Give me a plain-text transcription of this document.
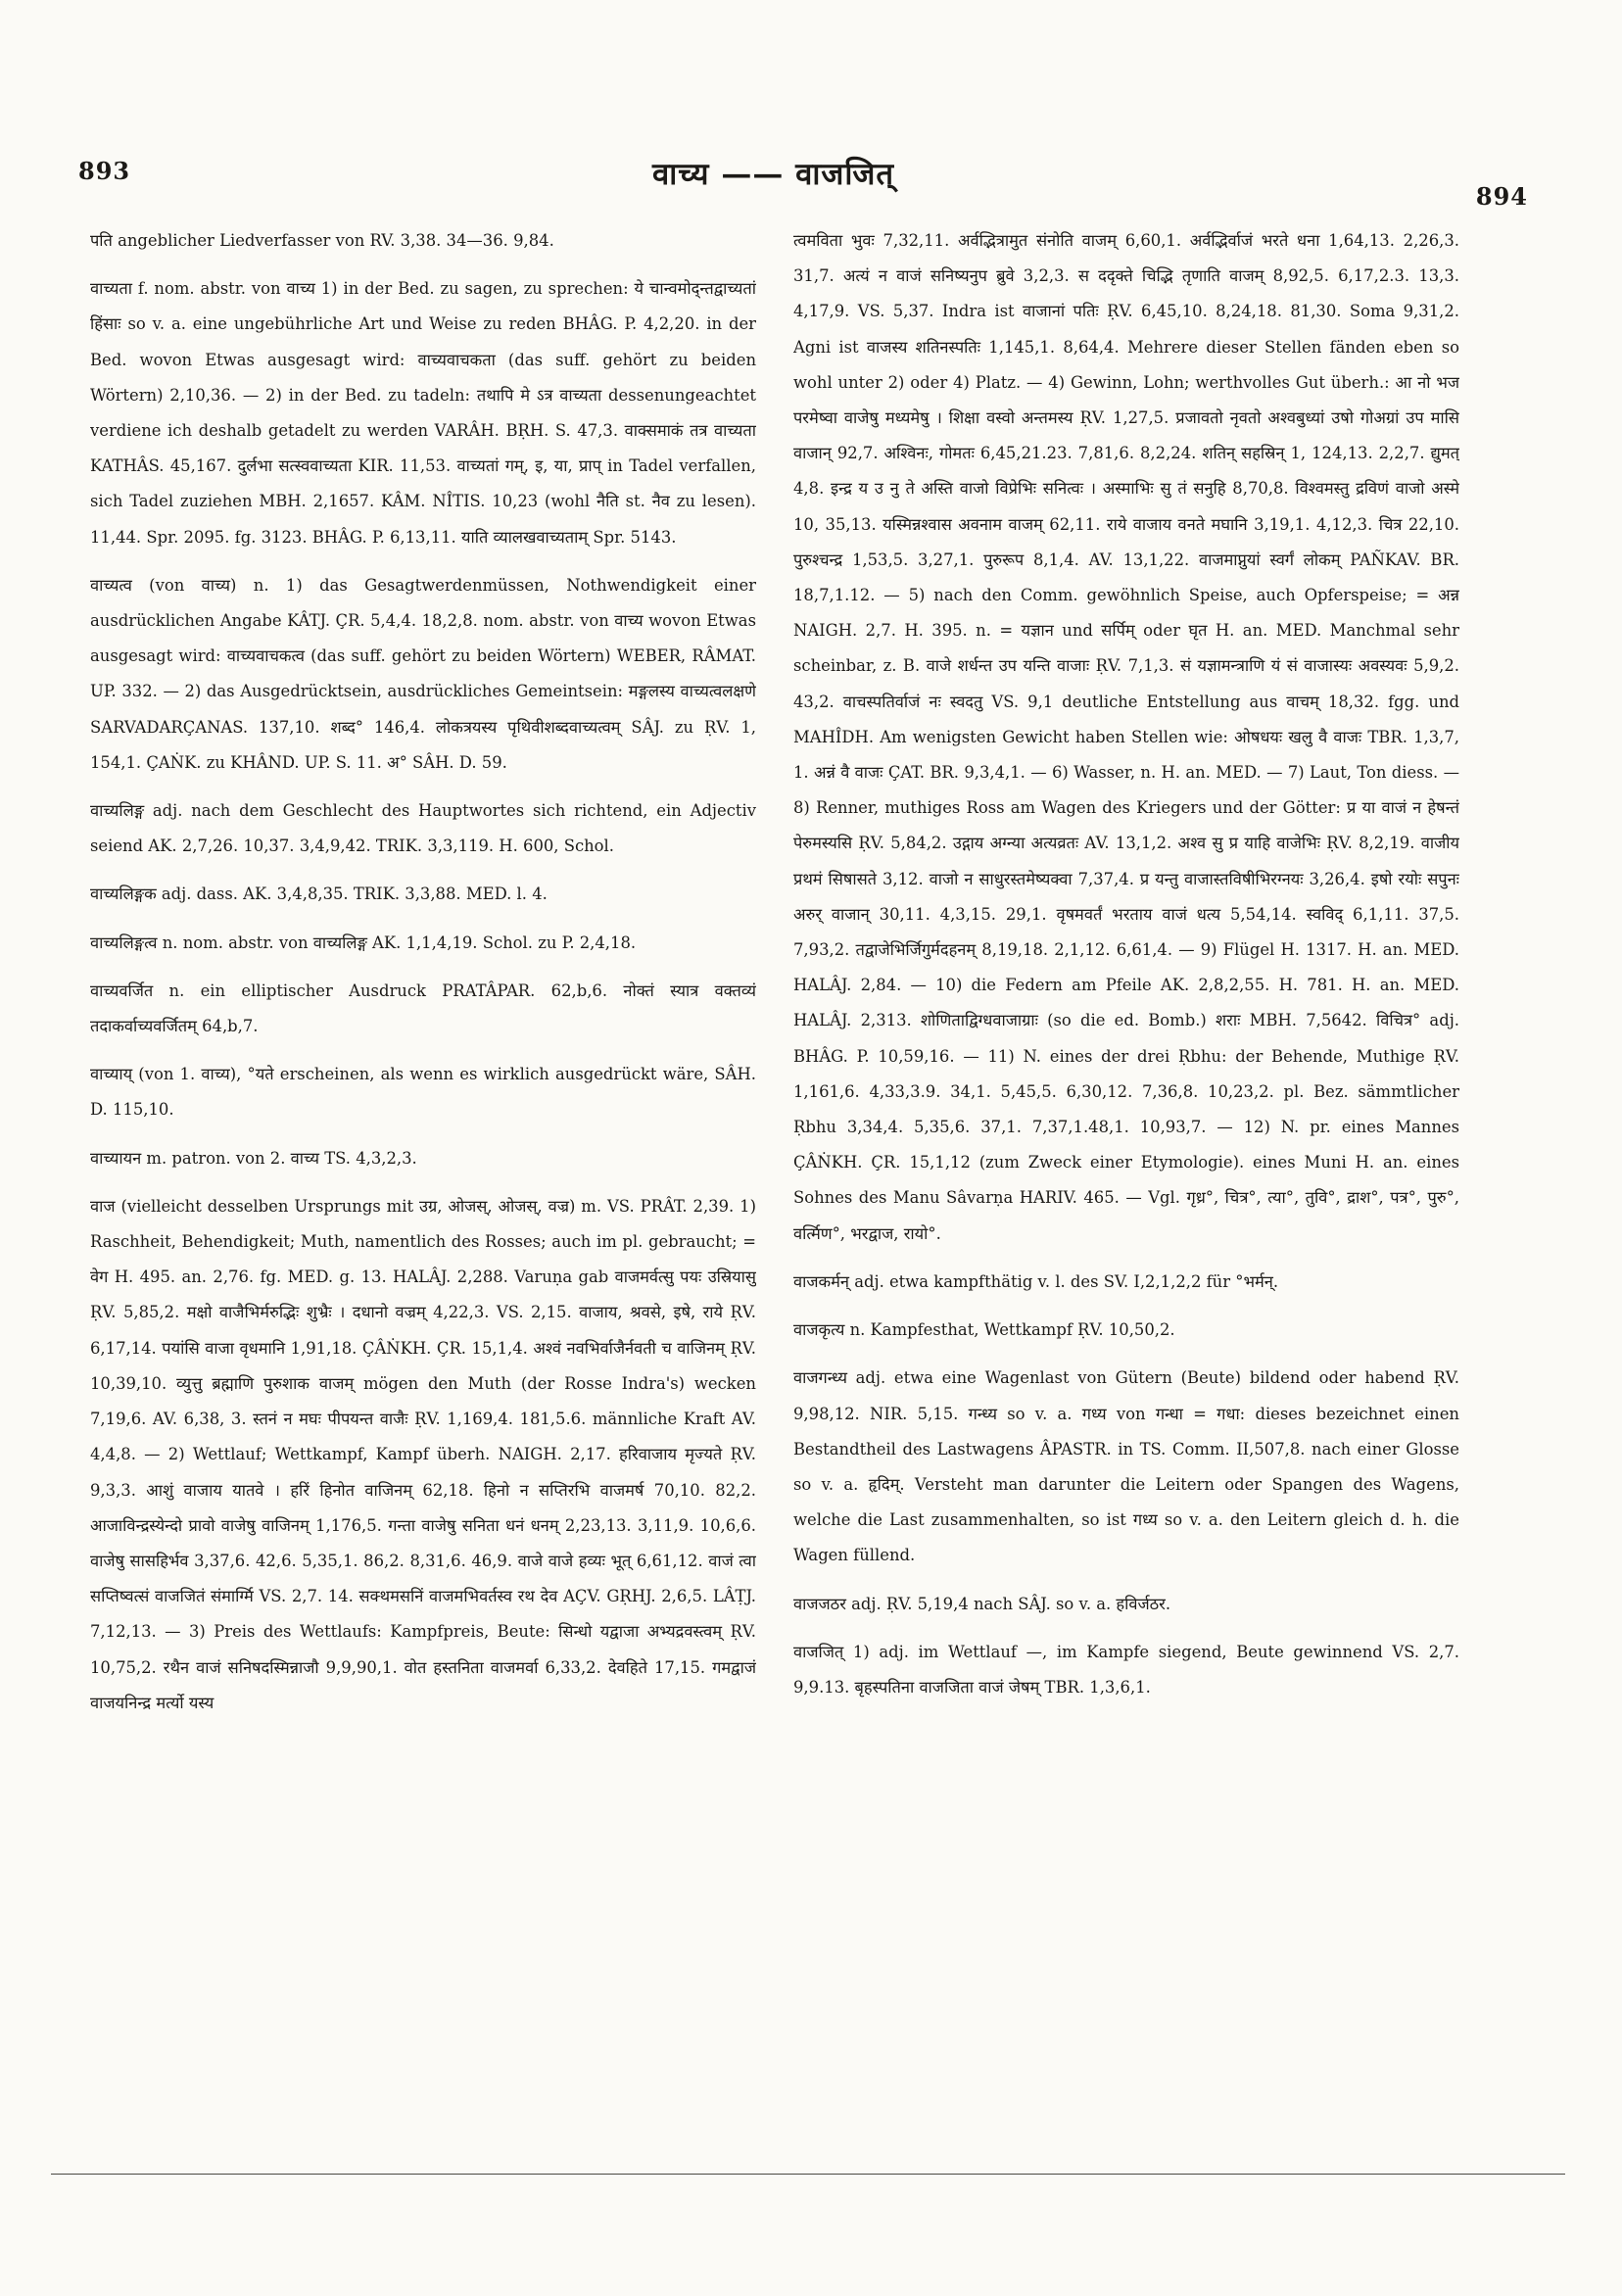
893	वाच्य —— वाजजित्
894

पति angeblicher Liedverfasser von RV. 3,38. 34—36. 9,84.

वाच्यता f. nom. abstr. von वाच्य 1) in der Bed. zu sagen, zu sprechen: ये चान्वमोद्न्तद्वाच्यतां हिंसाः so v. a. eine ungebührliche Art und Weise zu reden BHÂG. P. 4,2,20. in der Bed. wovon Etwas ausgesagt wird: वाच्यवाचकता (das suff. gehört zu beiden Wörtern) 2,10,36. — 2) in der Bed. zu tadeln: तथापि मे ऽत्र वाच्यता dessenungeachtet verdiene ich deshalb getadelt zu werden VARÂH. BṚH. S. 47,3. वाक्समाकं तत्र वाच्यता KATHÂS. 45,167. दुर्लभा सत्स्ववाच्यता KIR. 11,53. वाच्यतां गम्, इ, या, प्राप् in Tadel verfallen, sich Tadel zuziehen MBH. 2,1657. KÂM. NÎTIS. 10,23 (wohl नैति st. नैव zu lesen). 11,44. Spr. 2095. fg. 3123. BHÂG. P. 6,13,11. याति व्यालखवाच्यताम् Spr. 5143.

वाच्यत्व (von वाच्य) n. 1) das Gesagtwerdenmüssen, Nothwendigkeit einer ausdrücklichen Angabe KÂTJ. ÇR. 5,4,4. 18,2,8. nom. abstr. von वाच्य wovon Etwas ausgesagt wird: वाच्यवाचकत्व (das suff. gehört zu beiden Wörtern) WEBER, RÂMAT. UP. 332. — 2) das Ausgedrücktsein, ausdrückliches Gemeintsein: मङ्गलस्य वाच्यत्वलक्षणे SARVADARÇANAS. 137,10. शब्द° 146,4. लोकत्रयस्य पृथिवीशब्दवाच्यत्वम् SÂJ. zu ṚV. 1, 154,1. ÇAṄK. zu KHÂND. UP. S. 11. अ° SÂH. D. 59.

वाच्यलिङ्ग adj. nach dem Geschlecht des Hauptwortes sich richtend, ein Adjectiv seiend AK. 2,7,26. 10,37. 3,4,9,42. TRIK. 3,3,119. H. 600, Schol.

वाच्यलिङ्गक adj. dass. AK. 3,4,8,35. TRIK. 3,3,88. MED. l. 4.

वाच्यलिङ्गत्व n. nom. abstr. von वाच्यलिङ्ग AK. 1,1,4,19. Schol. zu P. 2,4,18.

वाच्यवर्जित n. ein elliptischer Ausdruck PRATÂPAR. 62,b,6. नोक्तं स्यात्र वक्तव्यं तदाकर्वाच्यवर्जितम् 64,b,7.

वाच्याय् (von 1. वाच्य), °यते erscheinen, als wenn es wirklich ausgedrückt wäre, SÂH. D. 115,10.

वाच्यायन m. patron. von 2. वाच्य TS. 4,3,2,3.

वाज (vielleicht desselben Ursprungs mit उग्र, ओजस्, ओजस्, वज्र) m. VS. PRÂT. 2,39. 1) Raschheit, Behendigkeit; Muth, namentlich des Rosses; auch im pl. gebraucht; = वेग H. 495. an. 2,76. fg. MED. g. 13. HALÂJ. 2,288. Varuṇa gab वाजमर्वत्सु पयः उस्रियासु ṚV. 5,85,2. मक्षो वाजैभिर्मरुद्भिः शुभ्रैः । दधानो वज्रम् 4,22,3. VS. 2,15. वाजाय, श्रवसे, इषे, राये ṚV. 6,17,14. पयांसि वाजा वृधमानि 1,91,18. ÇÂṄKH. ÇR. 15,1,4. अश्वं नवभिर्वाजैर्नवती च वाजिनम् ṚV. 10,39,10. व्युत्तु ब्रह्माणि पुरुशाक वाजम् mögen den Muth (der Rosse Indra's) wecken 7,19,6. AV. 6,38, 3. स्तनं न मघः पीपयन्त वाजैः ṚV. 1,169,4. 181,5.6. männliche Kraft AV. 4,4,8. — 2) Wettlauf; Wettkampf, Kampf überh. NAIGH. 2,17. हरिवाजाय मृज्यते ṚV. 9,3,3. आशुं वाजाय यातवे । हरिं हिनोत वाजिनम् 62,18. हिनो न सप्तिरभि वाजमर्ष 70,10. 82,2. आजाविन्द्रस्येन्दो प्रावो वाजेषु वाजिनम् 1,176,5. गन्ता वाजेषु सनिता धनं धनम् 2,23,13. 3,11,9. 10,6,6. वाजेषु सासहिर्भव 3,37,6. 42,6. 5,35,1. 86,2. 8,31,6. 46,9. वाजे वाजे हव्यः भूत् 6,61,12. वाजं त्वा सप्तिष्वत्सं वाजजितं संमार्ग्मि VS. 2,7. 14. सक्थमसनिं वाजमभिवर्तस्व रथ देव AÇV. GṚHJ. 2,6,5. LÂṬJ. 7,12,13. — 3) Preis des Wettlaufs: Kampfpreis, Beute: सिन्धो यद्वाजा अभ्यद्रवस्त्वम् ṚV. 10,75,2. रथैन वाजं सनिषदस्मिन्नाजौ 9,9,90,1. वोत हस्तनिता वाजमर्वा 6,33,2. देवहिते 17,15. गमद्वाजं वाजयनिन्द्र मर्त्यो यस्य

त्वमविता भुवः 7,32,11. अर्वद्भित्रामुत संनोति वाजम् 6,60,1. अर्वद्भिर्वाजं भरते धना 1,64,13. 2,26,3. 31,7. अत्यं न वाजं सनिष्यनुप ब्रुवे 3,2,3. स ददृक्ते चिद्भि तृणाति वाजम् 8,92,5. 6,17,2.3. 13,3. 4,17,9. VS. 5,37. Indra ist वाजानां पतिः ṚV. 6,45,10. 8,24,18. 81,30. Soma 9,31,2. Agni ist वाजस्य शतिनस्पतिः 1,145,1. 8,64,4. Mehrere dieser Stellen fänden eben so wohl unter 2) oder 4) Platz. — 4) Gewinn, Lohn; werthvolles Gut überh.: आ नो भज परमेष्वा वाजेषु मध्यमेषु । शिक्षा वस्वो अन्तमस्य ṚV. 1,27,5. प्रजावतो नृवतो अश्वबुध्यां उषो गोअग्रां उप मासि वाजान् 92,7. अश्विनः, गोमतः 6,45,21.23. 7,81,6. 8,2,24. शतिन् सहस्रिन् 1, 124,13. 2,2,7. द्युमत् 4,8. इन्द्र य उ नु ते अस्ति वाजो विप्रेभिः सनित्वः । अस्माभिः सु तं सनुहि 8,70,8. विश्वमस्तु द्रविणं वाजो अस्मे 10, 35,13. यस्मिन्नश्वास अवनाम वाजम् 62,11. राये वाजाय वनते मघानि 3,19,1. 4,12,3. चित्र 22,10. पुरुश्चन्द्र 1,53,5. 3,27,1. पुरुरूप 8,1,4. AV. 13,1,22. वाजमाप्नुयां स्वर्गं लोकम् PAÑKAV. BR. 18,7,1.12. — 5) nach den Comm. gewöhnlich Speise, auch Opferspeise; = अन्न NAIGH. 2,7. H. 395. n. = यज्ञान und सर्पिम् oder घृत H. an. MED. Manchmal sehr scheinbar, z. B. वाजे शर्धन्त उप यन्ति वाजाः ṚV. 7,1,3. सं यज्ञामन्त्राणि यं सं वाजास्यः अवस्यवः 5,9,2. 43,2. वाचस्पतिर्वाजं नः स्वदतु VS. 9,1 deutliche Entstellung aus वाचम् 18,32. fgg. und MAHÎDH. Am wenigsten Gewicht haben Stellen wie: ओषधयः खलु वै वाजः TBR. 1,3,7, 1. अन्नं वै वाजः ÇAT. BR. 9,3,4,1. — 6) Wasser, n. H. an. MED. — 7) Laut, Ton diess. — 8) Renner, muthiges Ross am Wagen des Kriegers und der Götter: प्र या वाजं न हेषन्तं पेरुमस्यसि ṚV. 5,84,2. उद्गाय अग्न्या अत्यव्रतः AV. 13,1,2. अश्व सु प्र याहि वाजेभिः ṚV. 8,2,19. वाजीय प्रथमं सिषासते 3,12. वाजो न साधुरस्तमेष्यक्वा 7,37,4. प्र यन्तु वाजास्तविषीभिरग्नयः 3,26,4. इषो रयोः सपुनः अरुर् वाजान् 30,11. 4,3,15. 29,1. वृषमवर्तं भरताय वाजं धत्य 5,54,14. स्वविद् 6,1,11. 37,5. 7,93,2. तद्वाजेभिर्जिगुर्मदहनम् 8,19,18. 2,1,12. 6,61,4. — 9) Flügel H. 1317. H. an. MED. HALÂJ. 2,84. — 10) die Federn am Pfeile AK. 2,8,2,55. H. 781. H. an. MED. HALÂJ. 2,313. शोणिताद्विग्धवाजाग्राः (so die ed. Bomb.) शराः MBH. 7,5642. विचित्र° adj. BHÂG. P. 10,59,16. — 11) N. eines der drei Ṛbhu: der Behende, Muthige ṚV. 1,161,6. 4,33,3.9. 34,1. 5,45,5. 6,30,12. 7,36,8. 10,23,2. pl. Bez. sämmtlicher Ṛbhu 3,34,4. 5,35,6. 37,1. 7,37,1.48,1. 10,93,7. — 12) N. pr. eines Mannes ÇÂṄKH. ÇR. 15,1,12 (zum Zweck einer Etymologie). eines Muni H. an. eines Sohnes des Manu Sâvarṇa HARIV. 465. — Vgl. गृध्र°, चित्र°, त्या°, तुवि°, द्राश°, पत्र°, पुरु°, वर्त्मिण°, भरद्वाज, रायो°.

वाजकर्मन् adj. etwa kampfthätig v. l. des SV. I,2,1,2,2 für °भर्मन्.

वाजकृत्य n. Kampfesthat, Wettkampf ṚV. 10,50,2.

वाजगन्ध्य adj. etwa eine Wagenlast von Gütern (Beute) bildend oder habend ṚV. 9,98,12. NIR. 5,15. गन्ध्य so v. a. गध्य von गन्धा = गधा: dieses bezeichnet einen Bestandtheil des Lastwagens ÂPASTR. in TS. Comm. II,507,8. nach einer Glosse so v. a. हृदिम्. Versteht man darunter die Leitern oder Spangen des Wagens, welche die Last zusammenhalten, so ist गध्य so v. a. den Leitern gleich d. h. die Wagen füllend.

वाजजठर adj. ṚV. 5,19,4 nach SÂJ. so v. a. हविर्जठर.

वाजजित् 1) adj. im Wettlauf —, im Kampfe siegend, Beute gewinnend VS. 2,7. 9,9.13. बृहस्पतिना वाजजिता वाजं जेषम् TBR. 1,3,6,1.
